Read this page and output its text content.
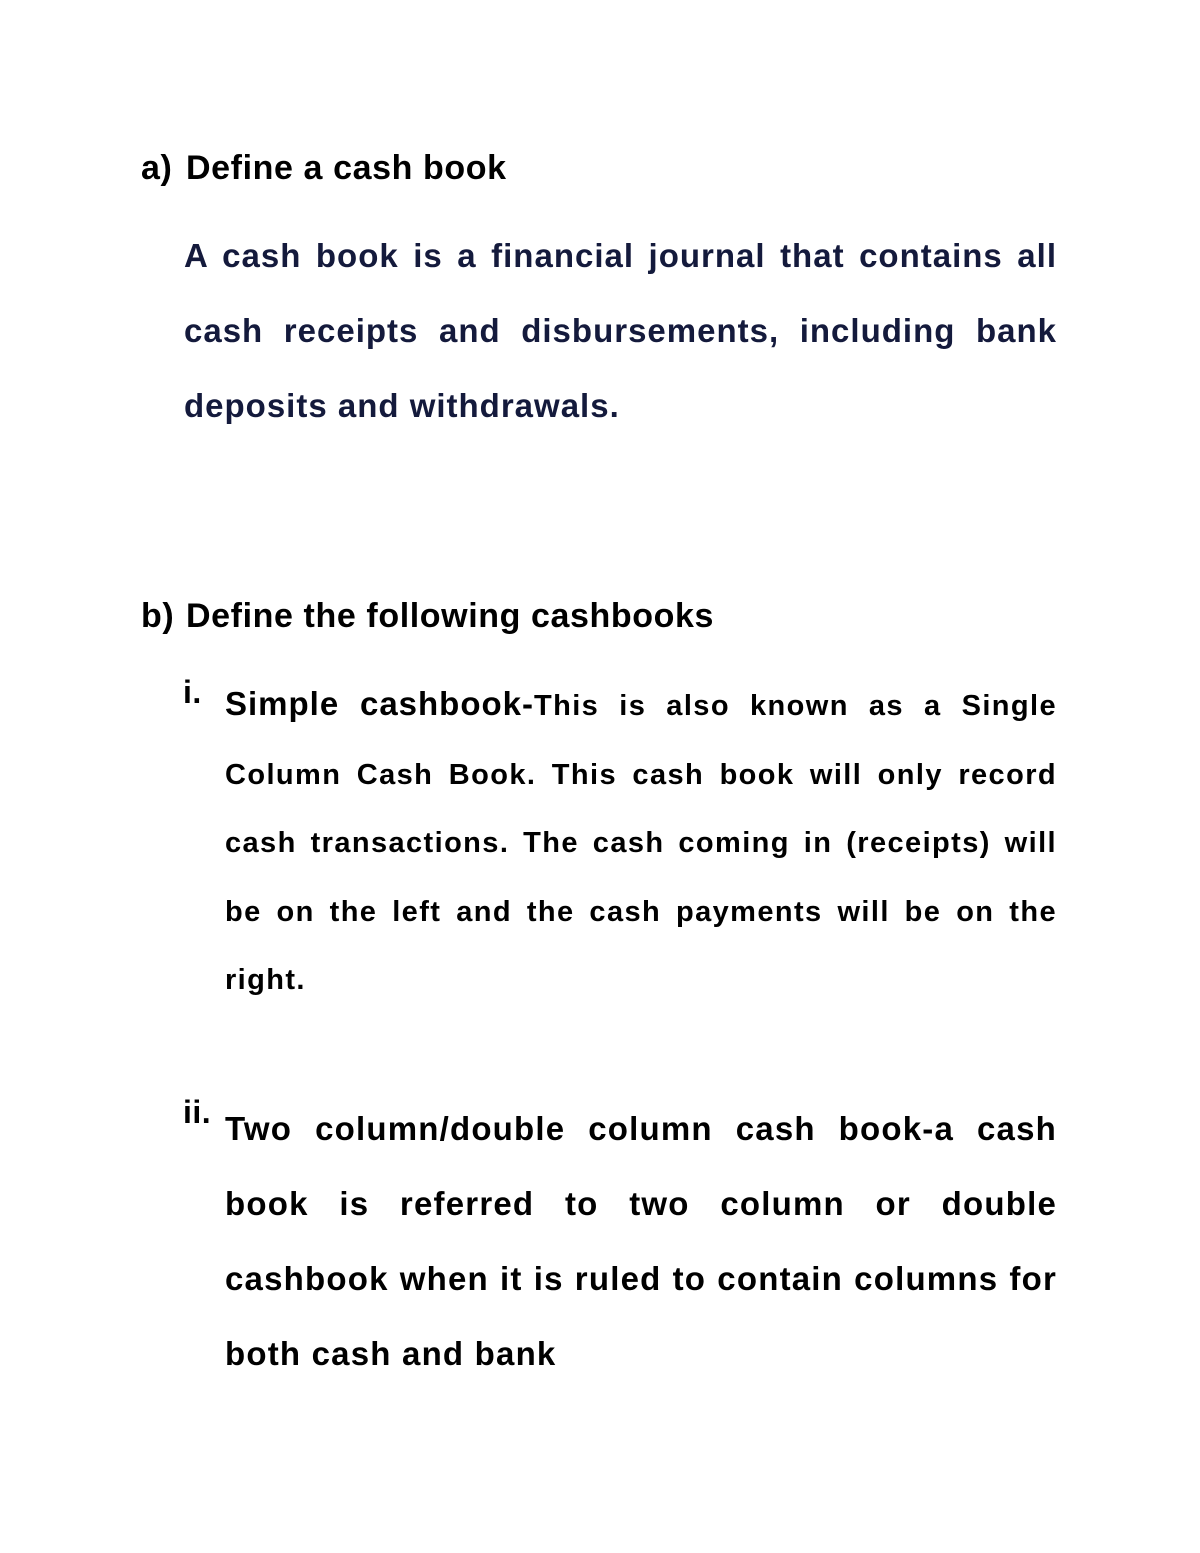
a) Define a cash book

A cash book is a financial journal that contains all cash receipts and disbursements, including bank deposits and withdrawals.

b) Define the following cashbooks
i. Simple cashbook-This is also known as a Single Column Cash Book. This cash book will only record cash transactions. The cash coming in (receipts) will be on the left and the cash payments will be on the right.

ii. Two column/double column cash book-a cash book is referred to two column or double cashbook when it is ruled to contain columns for both cash and bank
